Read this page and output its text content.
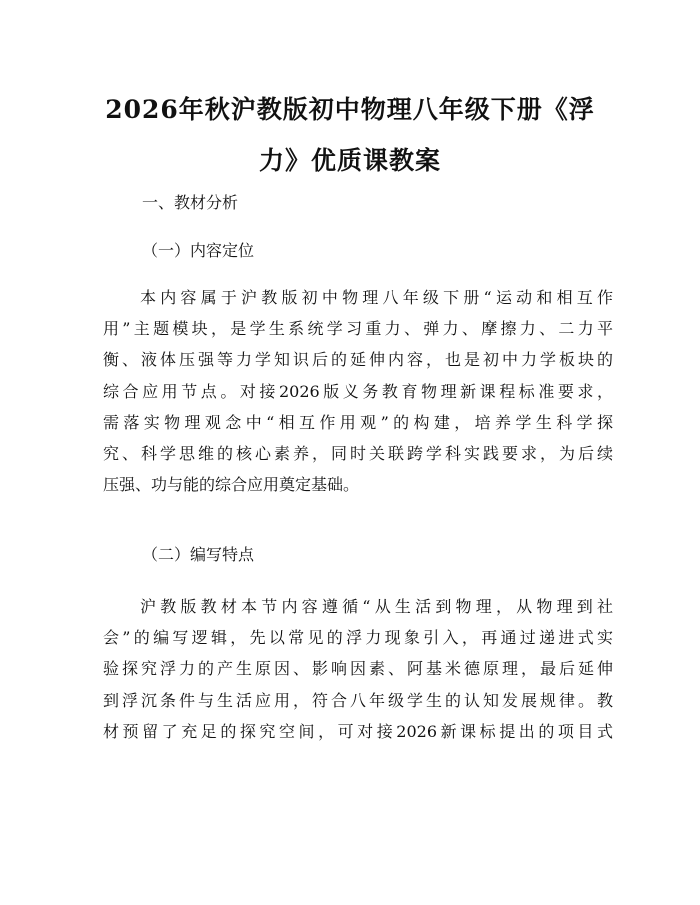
2026年秋沪教版初中物理八年级下册《浮
力》优质课教案
一、教材分析
（一）内容定位
本内容属于沪教版初中物理八年级下册“运动和相互作
用”主题模块，是学生系统学习重力、弹力、摩擦力、二力平
衡、液体压强等力学知识后的延伸内容，也是初中力学板块的
综合应用节点。对接2026版义务教育物理新课程标准要求，
需落实物理观念中“相互作用观”的构建，培养学生科学探
究、科学思维的核心素养，同时关联跨学科实践要求，为后续
压强、功与能的综合应用奠定基础。
（二）编写特点
沪教版教材本节内容遵循“从生活到物理，从物理到社
会”的编写逻辑，先以常见的浮力现象引入，再通过递进式实
验探究浮力的产生原因、影响因素、阿基米德原理，最后延伸
到浮沉条件与生活应用，符合八年级学生的认知发展规律。教
材预留了充足的探究空间，可对接2026新课标提出的项目式
